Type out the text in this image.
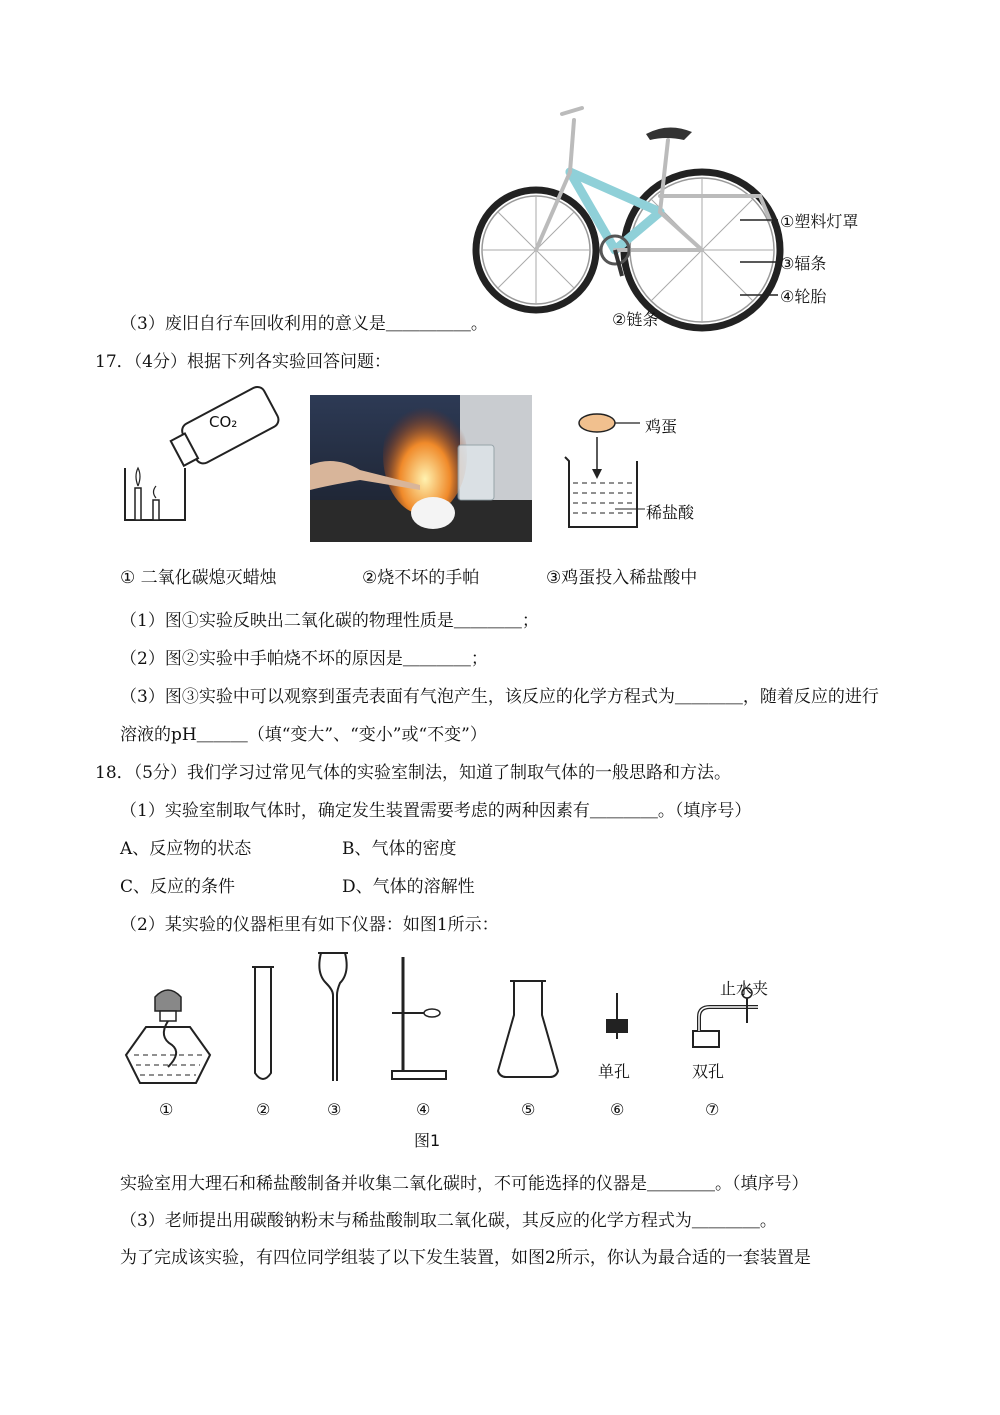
①塑料灯罩
③辐条
④轮胎
②链条
（3）废旧自行车回收利用的意义是＿＿＿＿＿。
17．（4分）根据下列各实验回答问题：
CO₂	鸡蛋
稀盐酸
① 二氧化碳熄灭蜡烛	②烧不坏的手帕	③鸡蛋投入稀盐酸中
（1）图①实验反映出二氧化碳的物理性质是＿＿＿＿；
（2）图②实验中手帕烧不坏的原因是＿＿＿＿；
（3）图③实验中可以观察到蛋壳表面有气泡产生，该反应的化学方程式为＿＿＿＿，随着反应的进行
溶液的pH＿＿＿（填“变大”、“变小”或“不变”）
18．（5分）我们学习过常见气体的实验室制法，知道了制取气体的一般思路和方法。
（1）实验室制取气体时，确定发生装置需要考虑的两种因素有＿＿＿＿。（填序号）
A、反应物的状态	B、气体的密度
C、反应的条件	D、气体的溶解性
（2）某实验的仪器柜里有如下仪器：如图1所示：
止水夹
单孔	双孔
①	②	③	④	⑤	⑥	⑦
图1
实验室用大理石和稀盐酸制备并收集二氧化碳时，不可能选择的仪器是＿＿＿＿。（填序号）
（3）老师提出用碳酸钠粉末与稀盐酸制取二氧化碳，其反应的化学方程式为＿＿＿＿。
为了完成该实验，有四位同学组装了以下发生装置，如图2所示，你认为最合适的一套装置是
